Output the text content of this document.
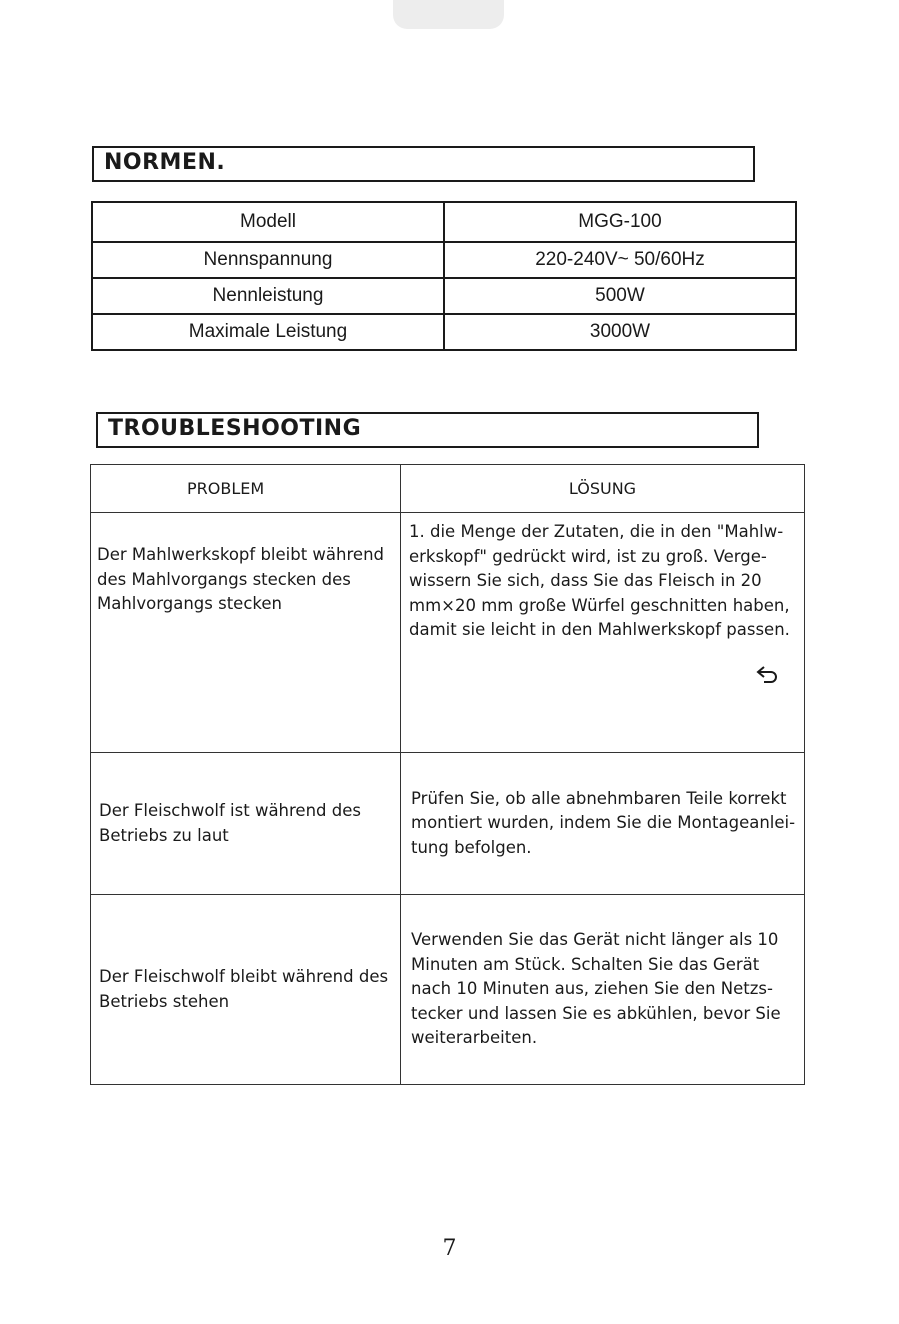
NORMEN.
Modell	MGG-100
Nennspannung	220-240V~ 50/60Hz
Nennleistung	500W
Maximale Leistung	3000W
TROUBLESHOOTING
PROBLEM	LÖSUNG
Der Mahlwerkskopf bleibt während des Mahlvorgangs stecken des Mahlvorgangs stecken	1. die Menge der Zutaten, die in den "Mahlw-erkskopf" gedrückt wird, ist zu groß. Verge-wissern Sie sich, dass Sie das Fleisch in 20 mm×20 mm große Würfel geschnitten haben, damit sie leicht in den Mahlwerkskopf passen.

Der Fleischwolf ist während des Betriebs zu laut	Prüfen Sie, ob alle abnehmbaren Teile korrekt montiert wurden, indem Sie die Montageanlei-tung befolgen.
Der Fleischwolf bleibt während des Betriebs stehen	Verwenden Sie das Gerät nicht länger als 10 Minuten am Stück. Schalten Sie das Gerät nach 10 Minuten aus, ziehen Sie den Netzs-tecker und lassen Sie es abkühlen, bevor Sie weiterarbeiten.
7
